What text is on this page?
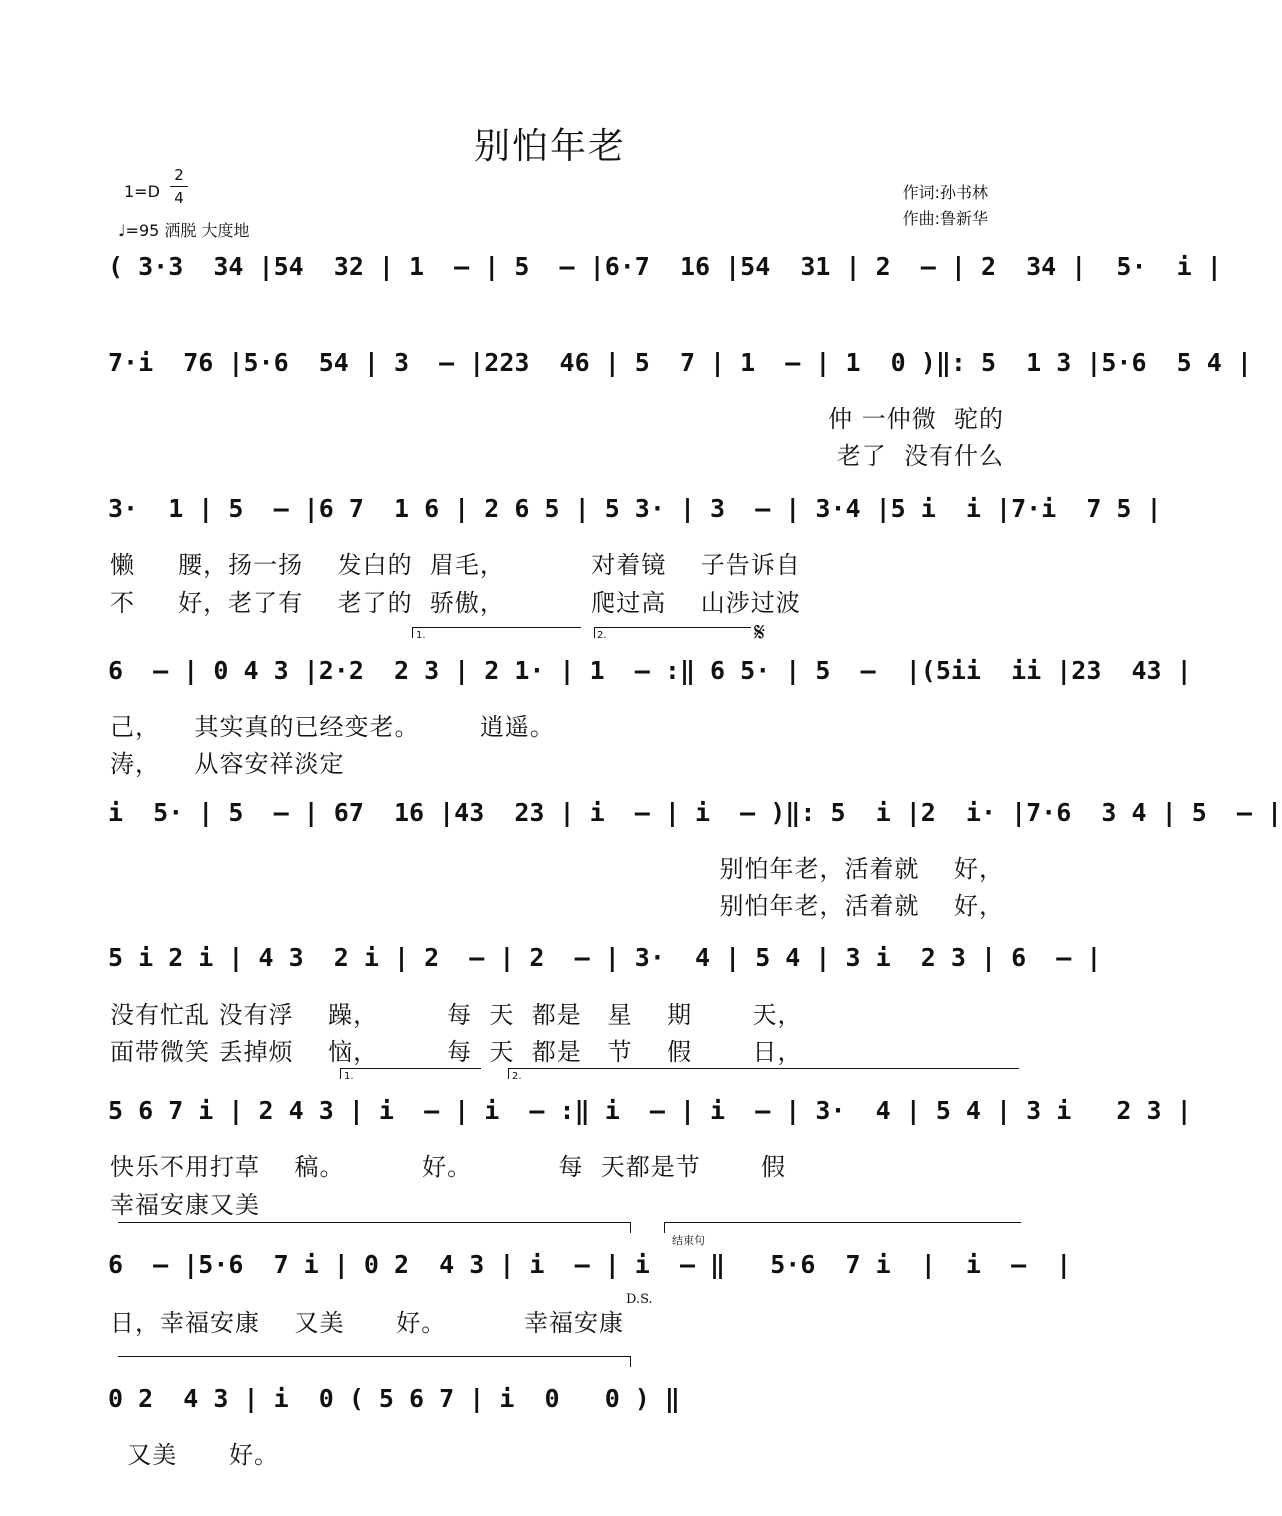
别怕年老
1=D
2
4
♩=95 洒脱 大度地
作词:孙书林
作曲:鲁新华
( 3·3  34 |54  32 | 1  – | 5  – |6·7  16 |54  31 | 2  – | 2  34 |  5·  i |
7·i  76 |5·6  54 | 3  – |223  46 | 5  7 | 1  – | 1  0 )‖: 5  1 3 |5·6  5 4 |
仲 一仲微  驼的
老了  没有什么
3·  1 | 5  – |6 7  1 6 | 2 6 5 | 5 3· | 3  – | 3·4 |5 i  i |7·i  7 5 |
懒     腰，扬一扬    发白的  眉毛，          对着镜    子告诉自
不     好，老了有    老了的  骄傲，          爬过高    山涉过波
1.	2.	𝄋
6  – | 0 4 3 |2·2  2 3 | 2 1· | 1  – :‖ 6 5· | 5  –  |(5ii  ii |23  43 |
己，    其实真的已经变老。       逍遥。
涛，    从容安祥淡定
i  5· | 5  – | 67  16 |43  23 | i  – | i  – )‖: 5  i |2  i· |7·6  3 4 | 5  – |
别怕年老，活着就    好，
别怕年老，活着就    好，
5 i 2 i | 4 3  2 i | 2  – | 2  – | 3·  4 | 5 4 | 3 i  2 3 | 6  – |
没有忙乱 没有浮    躁，        每  天  都是   星    期       天，
面带微笑 丢掉烦    恼，        每  天  都是   节    假       日，
1.	2.
5 6 7 i | 2 4 3 | i  – | i  – :‖ i  – | i  – | 3·  4 | 5 4 | 3 i   2 3 |
快乐不用打草    稿。         好。          每  天都是节       假
幸福安康又美
结束句
6  – |5·6  7 i | 0 2  4 3 | i  – | i  – ‖   5·6  7 i  |  i  –  |
D.S.
日，幸福安康    又美      好。         幸福安康
0 2  4 3 | i  0 ( 5 6 7 | i  0   0 ) ‖
又美      好。
